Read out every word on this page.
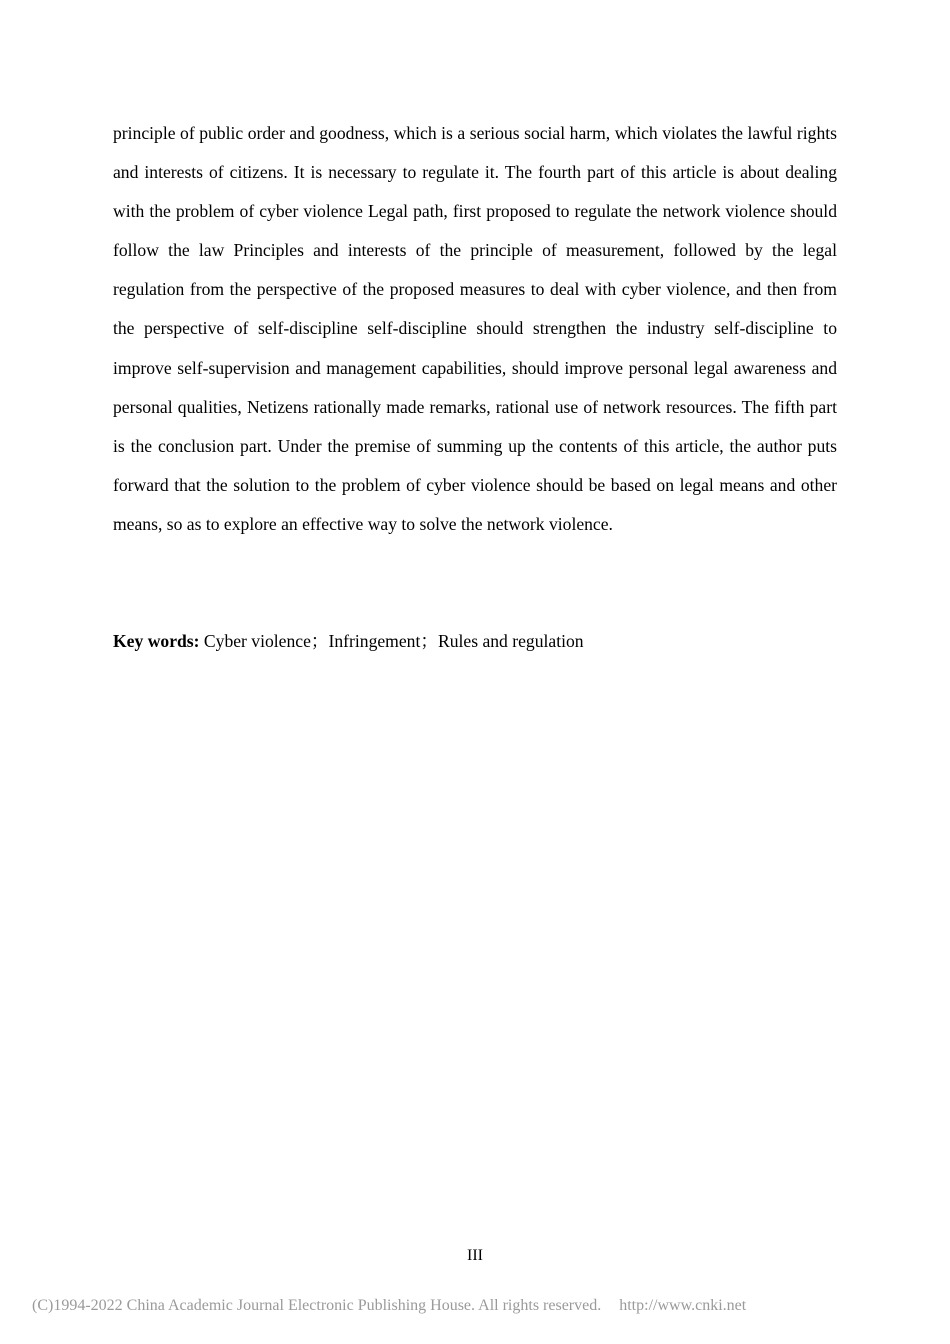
principle of public order and goodness, which is a serious social harm, which violates the lawful rights and interests of citizens. It is necessary to regulate it. The fourth part of this article is about dealing with the problem of cyber violence Legal path, first proposed to regulate the network violence should follow the law Principles and interests of the principle of measurement, followed by the legal regulation from the perspective of the proposed measures to deal with cyber violence, and then from the perspective of self-discipline self-discipline should strengthen the industry self-discipline to improve self-supervision and management capabilities, should improve personal legal awareness and personal qualities, Netizens rationally made remarks, rational use of network resources. The fifth part is the conclusion part. Under the premise of summing up the contents of this article, the author puts forward that the solution to the problem of cyber violence should be based on legal means and other means, so as to explore an effective way to solve the network violence.

Key words: Cyber violence；Infringement；Rules and regulation

III
(C)1994-2022 China Academic Journal Electronic Publishing House. All rights reserved. http://www.cnki.net
